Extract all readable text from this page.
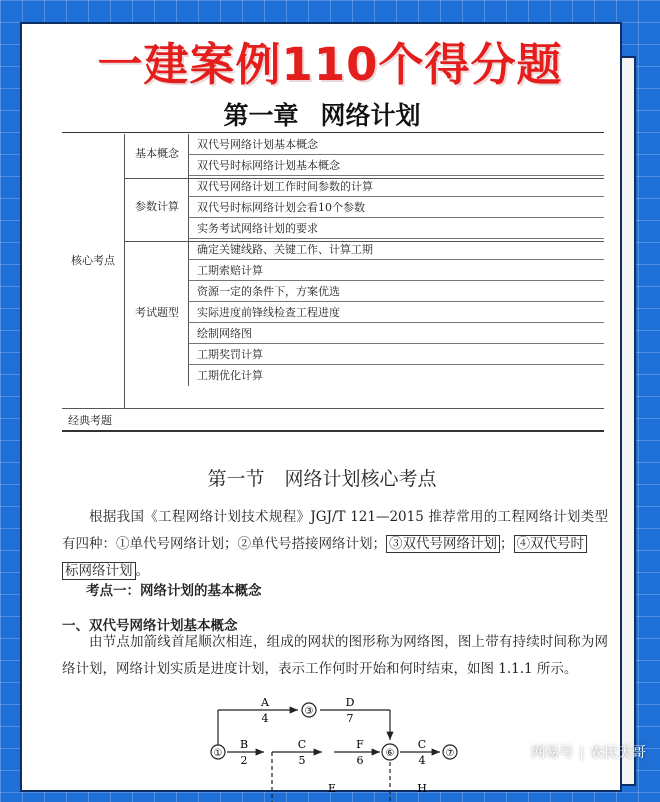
第一章 网络计划
核心考点
基本概念
参数计算
考试题型
双代号网络计划基本概念
双代号时标网络计划基本概念
双代号网络计划工作时间参数的计算
双代号时标网络计划会看10个参数
实务考试网络计划的要求
确定关键线路、关键工作、计算工期
工期索赔计算
资源一定的条件下，方案优选
实际进度前锋线检查工程进度
绘制网络图
工期奖罚计算
工期优化计算
经典考题
第一节 网络计划核心考点
根据我国《工程网络计划技术规程》JGJ/T 121—2015 推荐常用的工程网络计划类型有四种：①单代号网络计划；②单代号搭接网络计划； ③双代号网络计划 ； ④双代号时
标网络计划 。
考点一：网络计划的基本概念
一、双代号网络计划基本概念
由节点加箭线首尾顺次相连，组成的网状的图形称为网络图，图上带有持续时间称为网络计划，网络计划实质是进度计划，表示工作何时开始和何时结束，如图 1.1.1 所示。
①
③
⑥	⑦
A
4
D
7
B
2
C
5
F
6
C
4
E	H
一建案例110个得分题
网易号 | 农民天哥
